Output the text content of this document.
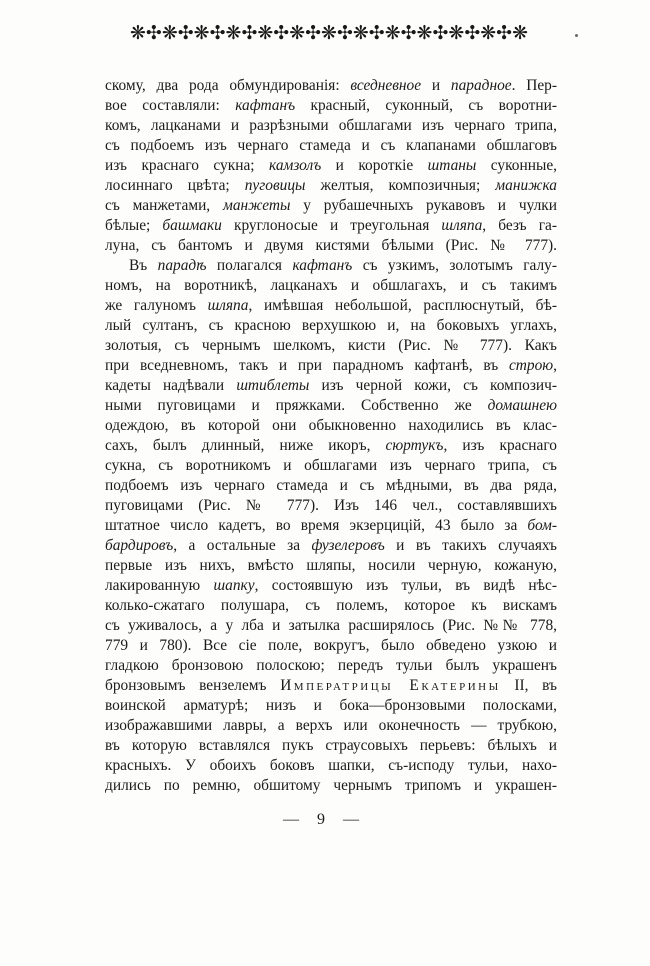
❋✣❋✣❋✣❋✣❋✣❋✣❋✣❋✣❋✣❋✣❋✣❋✣❋
скому, два рода обмундированія: вседневное и парадное. Пер-
вое составляли: кафтанъ красный, суконный, съ воротни-
комъ, лацканами и разрѣзными обшлагами изъ чернаго трипа,
съ подбоемъ изъ чернаго стамеда и съ клапанами обшлаговъ
изъ краснаго сукна; камзолъ и короткіе штаны суконные,
лосиннаго цвѣта; пуговицы желтыя, композичныя; манижка
съ манжетами, манжеты у рубашечныхъ рукавовъ и чулки
бѣлые; башмаки круглоносые и треугольная шляпа, безъ га-
луна, съ бантомъ и двумя кистями бѣлыми (Рис. № 777).
Въ парадѣ полагался кафтанъ съ узкимъ, золотымъ галу-
номъ, на воротникѣ, лацканахъ и обшлагахъ, и съ такимъ
же галуномъ шляпа, имѣвшая небольшой, расплюснутый, бѣ-
лый султанъ, съ красною верхушкою и, на боковыхъ углахъ,
золотыя, съ чернымъ шелкомъ, кисти (Рис. № 777). Какъ
при вседневномъ, такъ и при парадномъ кафтанѣ, въ строю,
кадеты надѣвали штиблеты изъ черной кожи, съ композич-
ными пуговицами и пряжками. Собственно же домашнею
одеждою, въ которой они обыкновенно находились въ клас-
сахъ, былъ длинный, ниже икоръ, сюртукъ, изъ краснаго
сукна, съ воротникомъ и обшлагами изъ чернаго трипа, съ
подбоемъ изъ чернаго стамеда и съ мѣдными, въ два ряда,
пуговицами (Рис. № 777). Изъ 146 чел., составлявшихъ
штатное число кадетъ, во время экзерцицій, 43 было за бом-
бардировъ, а остальные за фузелеровъ и въ такихъ случаяхъ
первые изъ нихъ, вмѣсто шляпы, носили черную, кожаную,
лакированную шапку, состоявшую изъ тульи, въ видѣ нѣс-
колько-сжатаго полушара, съ полемъ, которое къ вискамъ
съ уживалось, а у лба и затылка расширялось (Рис. №№ 778,
779 и 780). Все сіе поле, вокругъ, было обведено узкою и
гладкою бронзовою полоскою; передъ тульи былъ украшенъ
бронзовымъ вензелемъ Императрицы Екатерины II, въ
воинской арматурѣ; низъ и бока—бронзовыми полосками,
изображавшими лавры, а верхъ или оконечность — трубкою,
въ которую вставлялся пукъ страусовыхъ перьевъ: бѣлыхъ и
красныхъ. У обоихъ боковъ шапки, съ-исподу тульи, нахо-
дились по ремню, обшитому чернымъ трипомъ и украшен-
— 9 —
